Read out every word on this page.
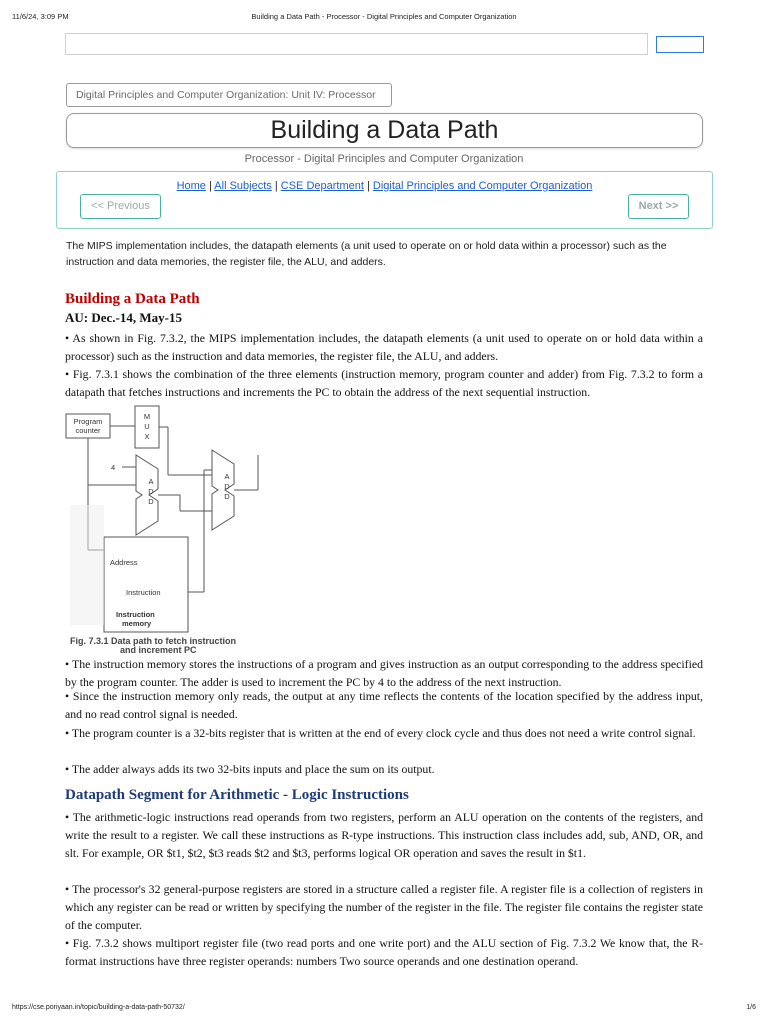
11/6/24, 3:09 PM	Building a Data Path - Processor - Digital Principles and Computer Organization
Digital Principles and Computer Organization: Unit IV: Processor
Building a Data Path
Processor - Digital Principles and Computer Organization
Home | All Subjects | CSE Department | Digital Principles and Computer Organization
<< Previous	Next >>
The MIPS implementation includes, the datapath elements (a unit used to operate on or hold data within a processor) such as the instruction and data memories, the register file, the ALU, and adders.
Building a Data Path
AU: Dec.-14, May-15
• As shown in Fig. 7.3.2, the MIPS implementation includes, the datapath elements (a unit used to operate on or hold data within a processor) such as the instruction and data memories, the register file, the ALU, and adders.
• Fig. 7.3.1 shows the combination of the three elements (instruction memory, program counter and adder) from Fig. 7.3.2 to form a datapath that fetches instructions and increments the PC to obtain the address of the next sequential instruction.
Program
counter
M
U
X
A
D
D
A
D
D
4
Address
Instruction
Instruction
memory
Fig. 7.3.1 Data path to fetch instruction
and increment PC
• The instruction memory stores the instructions of a program and gives instruction as an output corresponding to the address specified by the program counter. The adder is used to increment the PC by 4 to the address of the next instruction.
• Since the instruction memory only reads, the output at any time reflects the contents of the location specified by the address input, and no read control signal is needed.
• The program counter is a 32-bits register that is written at the end of every clock cycle and thus does not need a write control signal.
• The adder always adds its two 32-bits inputs and place the sum on its output.
Datapath Segment for Arithmetic - Logic Instructions
• The arithmetic-logic instructions read operands from two registers, perform an ALU operation on the contents of the registers, and write the result to a register. We call these instructions as R-type instructions. This instruction class includes add, sub, AND, OR, and slt. For example, OR $t1, $t2, $t3 reads $t2 and $t3, performs logical OR operation and saves the result in $t1.
• The processor's 32 general-purpose registers are stored in a structure called a register file. A register file is a collection of registers in which any register can be read or written by specifying the number of the register in the file. The register file contains the register state of the computer.
• Fig. 7.3.2 shows multiport register file (two read ports and one write port) and the ALU section of Fig. 7.3.2 We know that, the R-format instructions have three register operands: numbers Two source operands and one destination operand.
https://cse.poriyaan.in/topic/building-a-data-path-50732/	1/6
